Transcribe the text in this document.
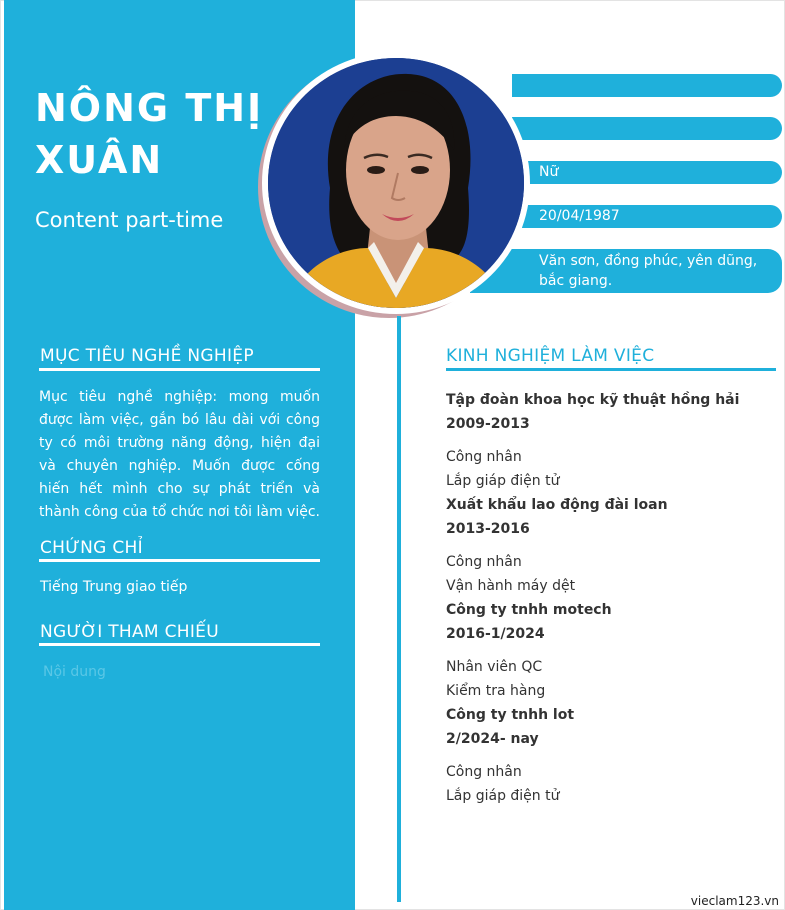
NÔNG THỊ
XUÂN
Content part-time
Nữ
20/04/1987
Văn sơn, đồng phúc, yên dũng, bắc giang.
MỤC TIÊU NGHỀ NGHIỆP
Mục tiêu nghề nghiệp: mong muốn được làm việc, gắn bó lâu dài với công ty có môi trường năng động, hiện đại và chuyên nghiệp. Muốn được cống hiến hết mình cho sự phát triển và thành công của tổ chức nơi tôi làm việc.
CHỨNG CHỈ
Tiếng Trung giao tiếp
NGƯỜI THAM CHIẾU
Nội dung
KINH NGHIỆM LÀM VIỆC
Tập đoàn khoa học kỹ thuật hồng hải
2009-2013
Công nhân
Lắp giáp điện tử
Xuất khẩu lao động đài loan
2013-2016
Công nhân
Vận hành máy dệt
Công ty tnhh motech
2016-1/2024
Nhân viên QC
Kiểm tra hàng
Công ty tnhh lot
2/2024- nay
Công nhân
Lắp giáp điện tử
vieclam123.vn
